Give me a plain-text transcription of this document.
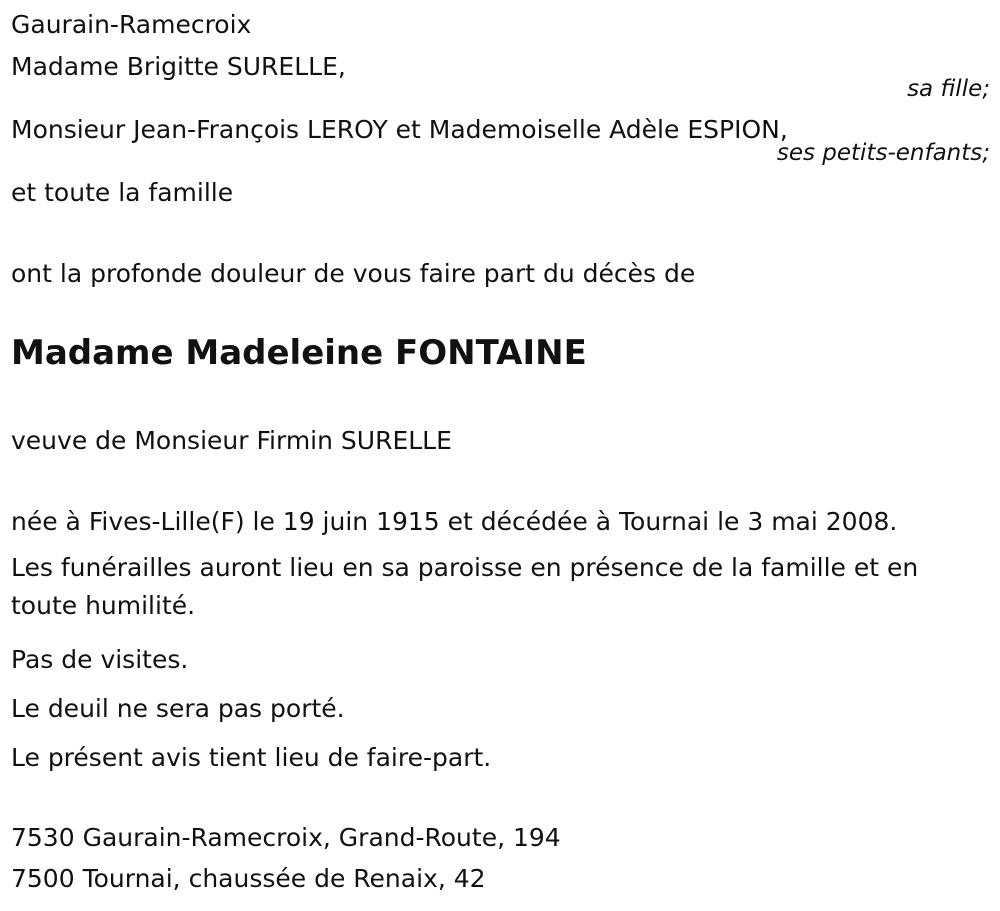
Gaurain-Ramecroix
Madame Brigitte SURELLE,
sa fille;
Monsieur Jean-François LEROY et Mademoiselle Adèle ESPION,
ses petits-enfants;
et toute la famille
ont la profonde douleur de vous faire part du décès de
Madame Madeleine FONTAINE
veuve de Monsieur Firmin SURELLE
née à Fives-Lille(F) le 19 juin 1915 et décédée à Tournai le 3 mai 2008.
Les funérailles auront lieu en sa paroisse en présence de la famille et en toute humilité.
Pas de visites.
Le deuil ne sera pas porté.
Le présent avis tient lieu de faire-part.
7530 Gaurain-Ramecroix, Grand-Route, 194
7500 Tournai, chaussée de Renaix, 42
